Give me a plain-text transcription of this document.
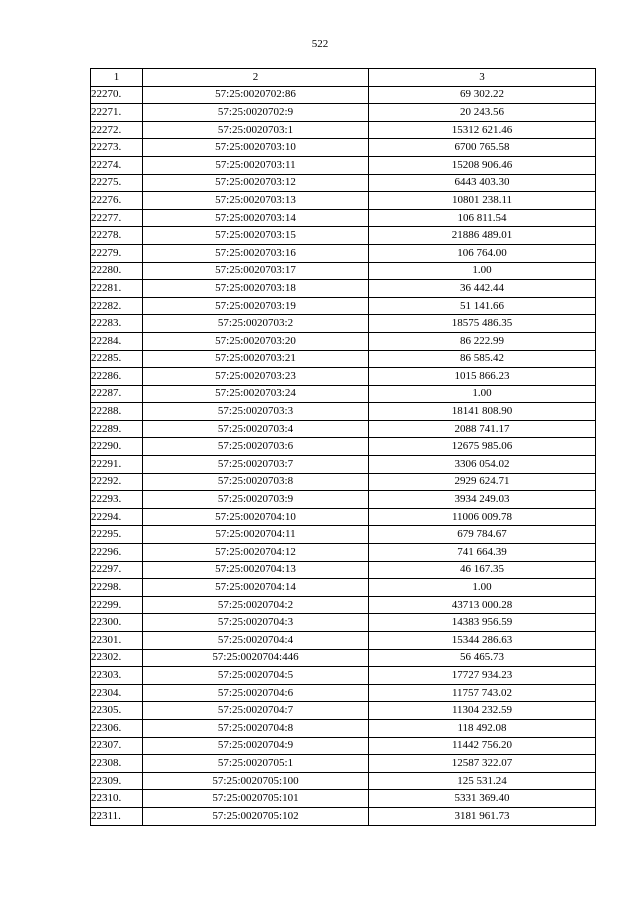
522
1	2	3
22270.	57:25:0020702:86	69 302.22
22271.	57:25:0020702:9	20 243.56
22272.	57:25:0020703:1	15312 621.46
22273.	57:25:0020703:10	6700 765.58
22274.	57:25:0020703:11	15208 906.46
22275.	57:25:0020703:12	6443 403.30
22276.	57:25:0020703:13	10801 238.11
22277.	57:25:0020703:14	106 811.54
22278.	57:25:0020703:15	21886 489.01
22279.	57:25:0020703:16	106 764.00
22280.	57:25:0020703:17	1.00
22281.	57:25:0020703:18	36 442.44
22282.	57:25:0020703:19	51 141.66
22283.	57:25:0020703:2	18575 486.35
22284.	57:25:0020703:20	86 222.99
22285.	57:25:0020703:21	86 585.42
22286.	57:25:0020703:23	1015 866.23
22287.	57:25:0020703:24	1.00
22288.	57:25:0020703:3	18141 808.90
22289.	57:25:0020703:4	2088 741.17
22290.	57:25:0020703:6	12675 985.06
22291.	57:25:0020703:7	3306 054.02
22292.	57:25:0020703:8	2929 624.71
22293.	57:25:0020703:9	3934 249.03
22294.	57:25:0020704:10	11006 009.78
22295.	57:25:0020704:11	679 784.67
22296.	57:25:0020704:12	741 664.39
22297.	57:25:0020704:13	46 167.35
22298.	57:25:0020704:14	1.00
22299.	57:25:0020704:2	43713 000.28
22300.	57:25:0020704:3	14383 956.59
22301.	57:25:0020704:4	15344 286.63
22302.	57:25:0020704:446	56 465.73
22303.	57:25:0020704:5	17727 934.23
22304.	57:25:0020704:6	11757 743.02
22305.	57:25:0020704:7	11304 232.59
22306.	57:25:0020704:8	118 492.08
22307.	57:25:0020704:9	11442 756.20
22308.	57:25:0020705:1	12587 322.07
22309.	57:25:0020705:100	125 531.24
22310.	57:25:0020705:101	5331 369.40
22311.	57:25:0020705:102	3181 961.73
